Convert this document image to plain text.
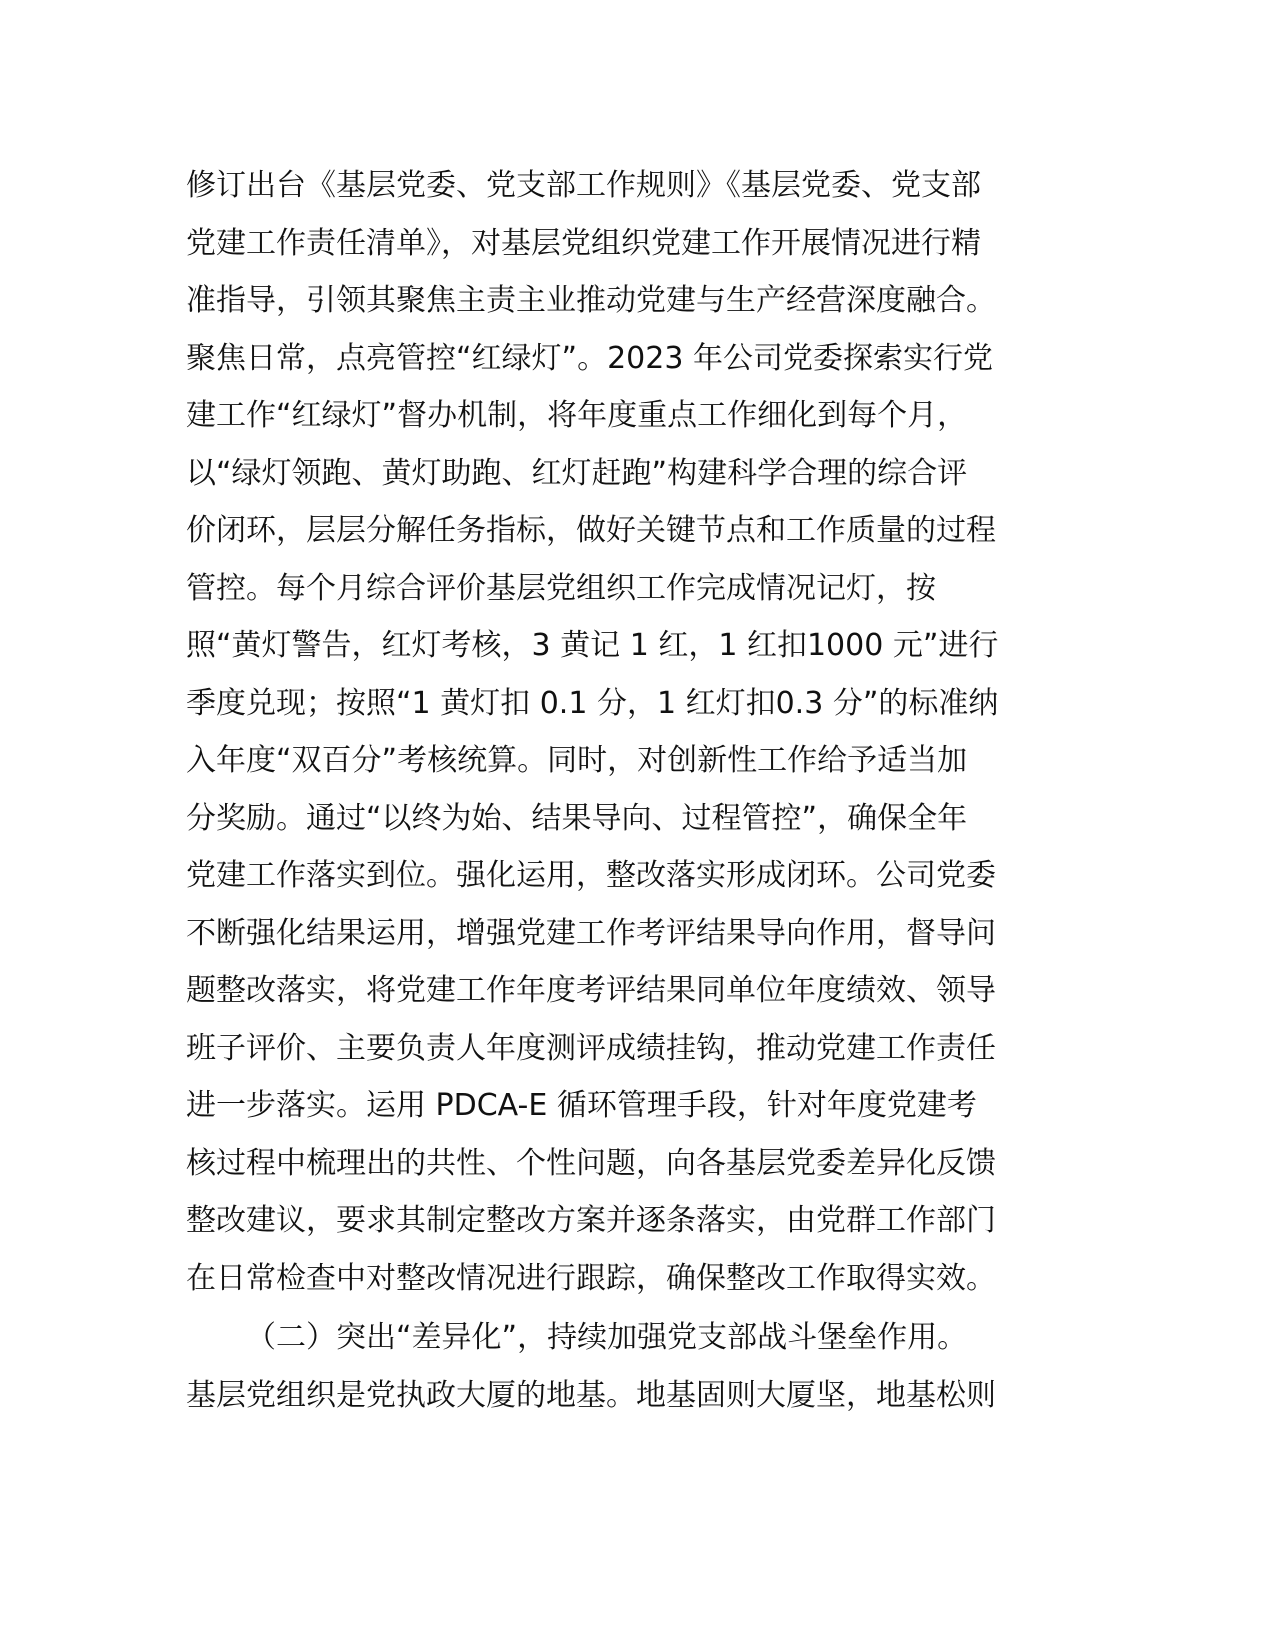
修订出台《基层党委、党支部工作规则》《基层党委、党支部
党建工作责任清单》，对基层党组织党建工作开展情况进行精
准指导，引领其聚焦主责主业推动党建与生产经营深度融合。
聚焦日常，点亮管控“红绿灯”。2023 年公司党委探索实行党
建工作“红绿灯”督办机制，将年度重点工作细化到每个月，
以“绿灯领跑、黄灯助跑、红灯赶跑”构建科学合理的综合评
价闭环，层层分解任务指标，做好关键节点和工作质量的过程
管控。每个月综合评价基层党组织工作完成情况记灯，按
照“黄灯警告，红灯考核，3 黄记 1 红，1 红扣1000 元”进行
季度兑现；按照“1 黄灯扣 0.1 分，1 红灯扣0.3 分”的标准纳
入年度“双百分”考核统算。同时，对创新性工作给予适当加
分奖励。通过“以终为始、结果导向、过程管控”，确保全年
党建工作落实到位。强化运用，整改落实形成闭环。公司党委
不断强化结果运用，增强党建工作考评结果导向作用，督导问
题整改落实，将党建工作年度考评结果同单位年度绩效、领导
班子评价、主要负责人年度测评成绩挂钩，推动党建工作责任
进一步落实。运用 PDCA-E 循环管理手段，针对年度党建考
核过程中梳理出的共性、个性问题，向各基层党委差异化反馈
整改建议，要求其制定整改方案并逐条落实，由党群工作部门
在日常检查中对整改情况进行跟踪，确保整改工作取得实效。
（二）突出“差异化”，持续加强党支部战斗堡垒作用。
基层党组织是党执政大厦的地基。地基固则大厦坚，地基松则
